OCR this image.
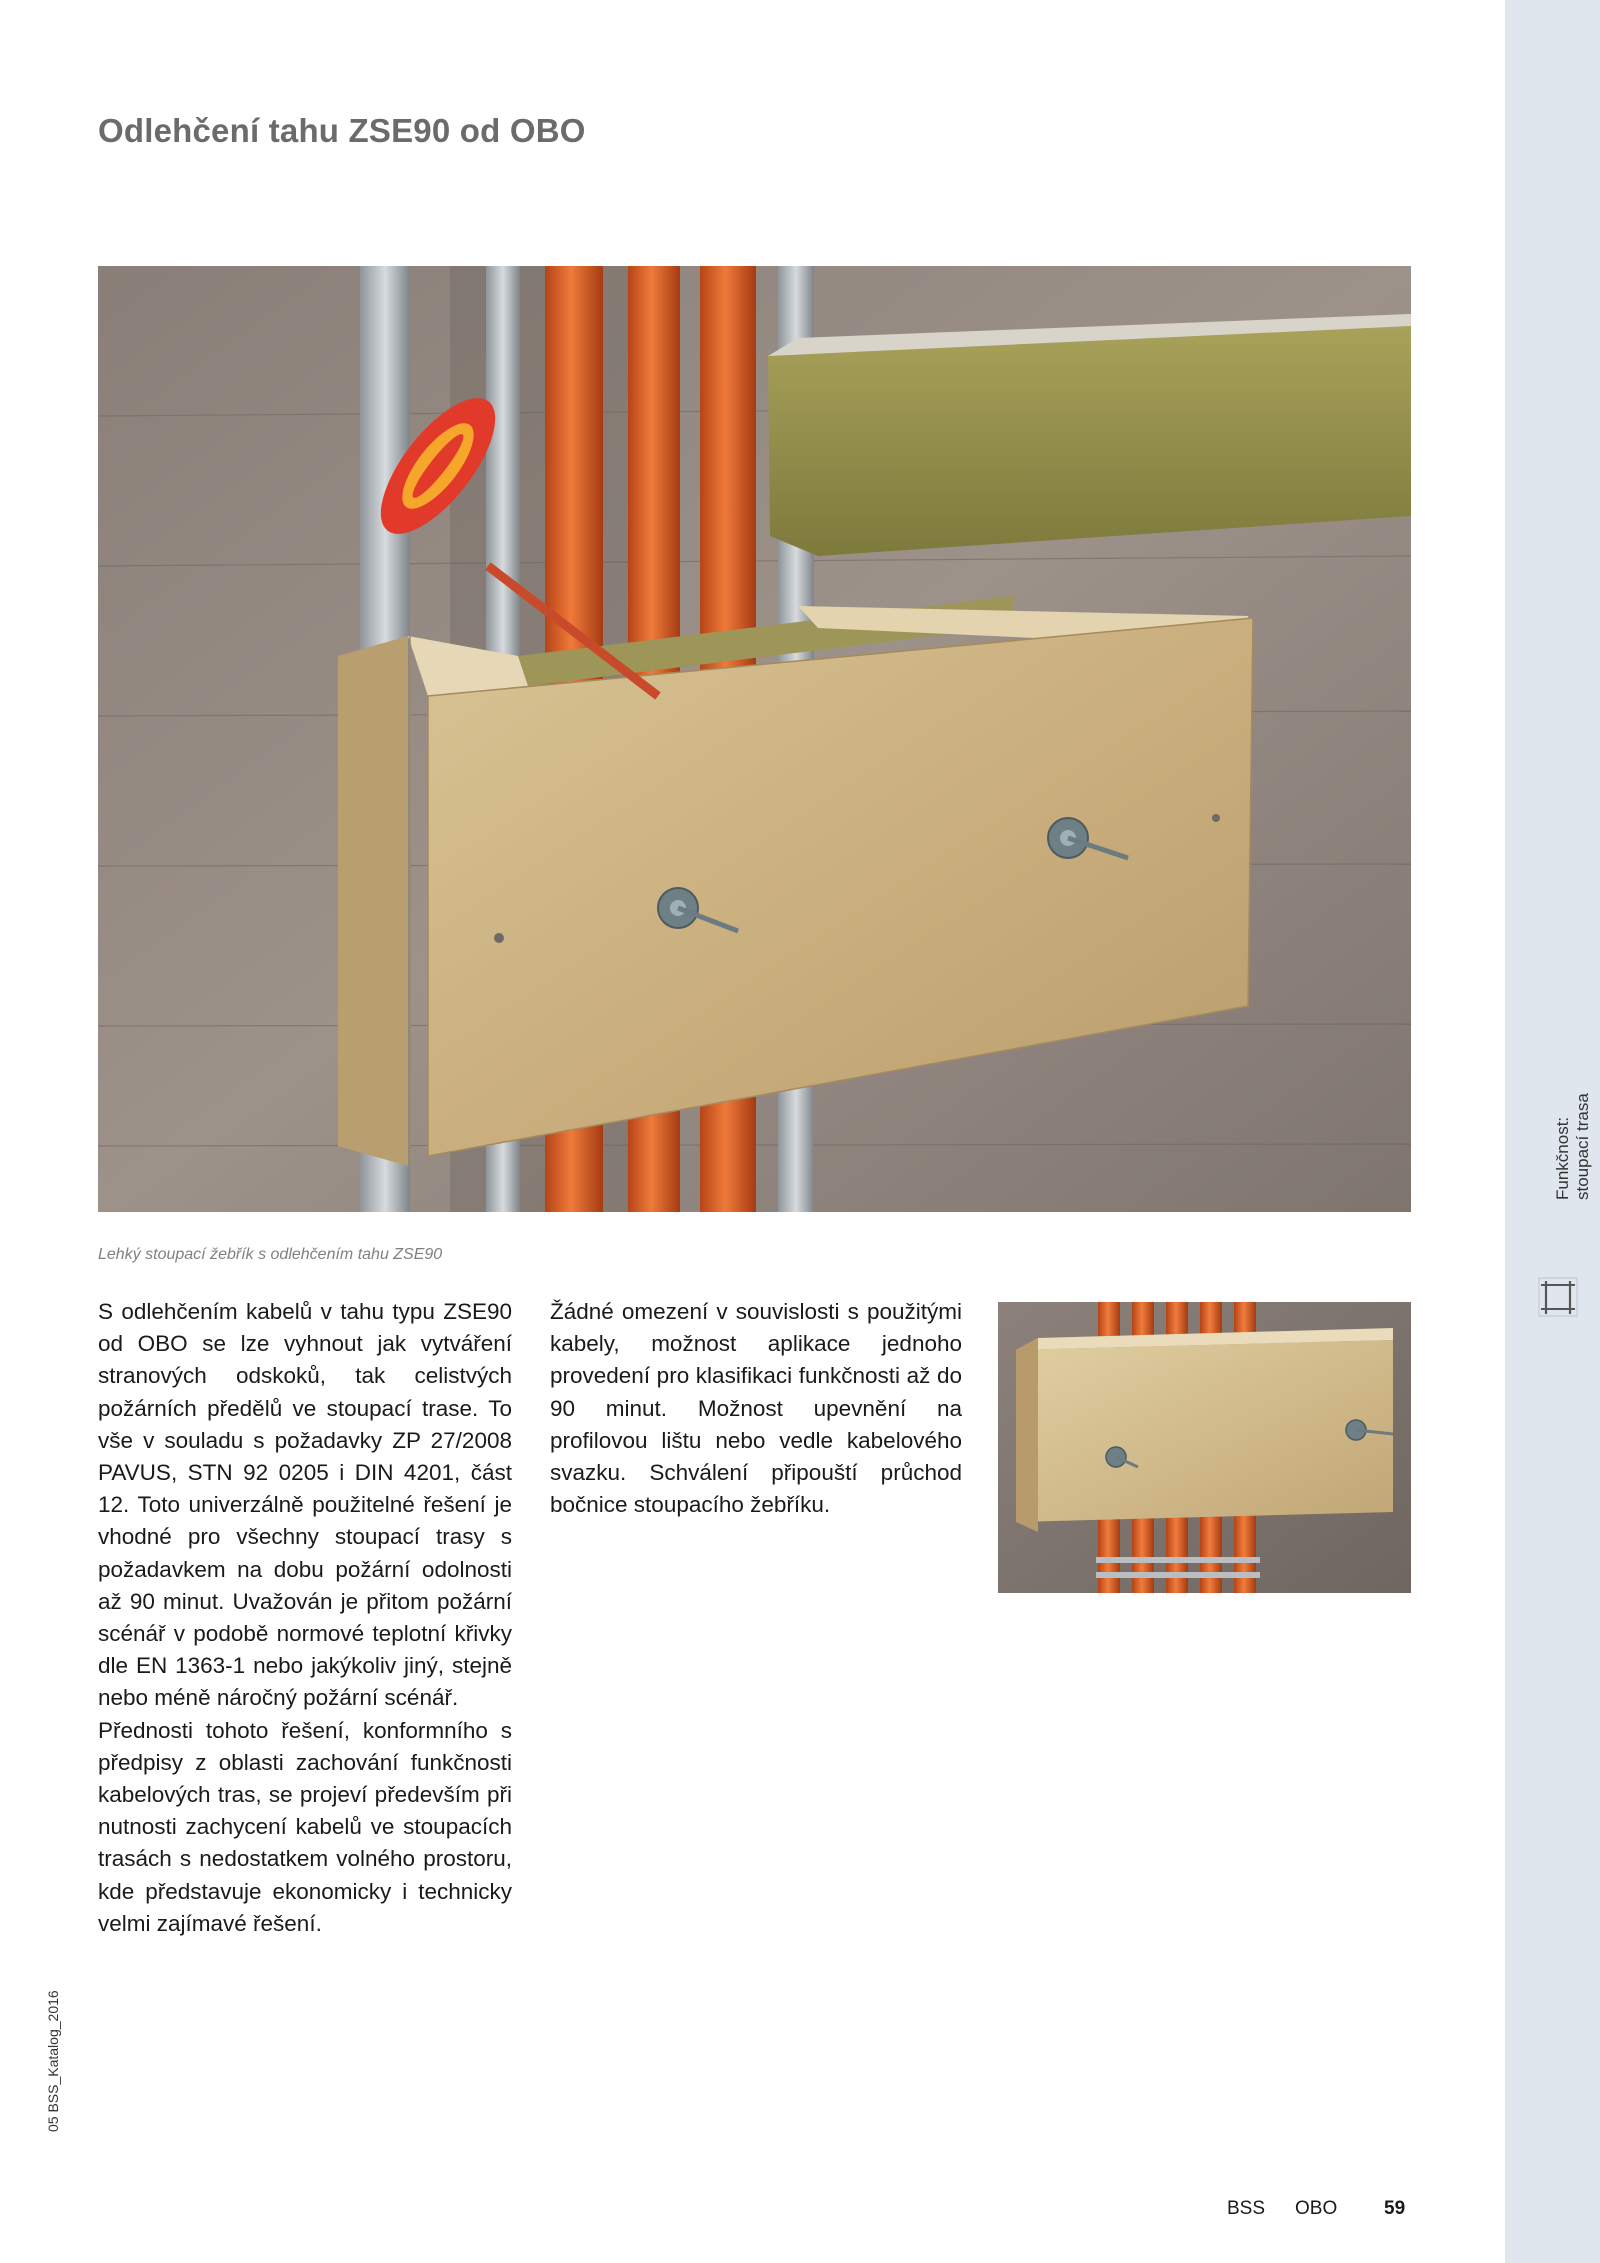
Funkčnost: stoupací trasa
Odlehčení tahu ZSE90 od OBO
Lehký stoupací žebřík s odlehčením tahu ZSE90

S odlehčením kabelů v tahu typu ZSE90 od OBO se lze vyhnout jak vytváření stranových odskoků, tak celistvých požárních předělů ve stoupací trase. To vše v souladu s požadavky ZP 27/2008 PAVUS, STN 92 0205 i DIN 4201, část 12. Toto univerzálně použitelné řešení je vhodné pro všechny stoupací trasy s požadavkem na dobu požární odolnosti až 90 minut. Uvažován je přitom požární scénář v podobě normové teplotní křivky dle EN 1363-1 nebo jakýkoliv jiný, stejně nebo méně náročný požární scénář.

Přednosti tohoto řešení, konformního s předpisy z oblasti zachování funkčnosti kabelových tras, se projeví především při nutnosti zachycení kabelů ve stoupacích trasách s nedostatkem volného prostoru, kde představuje ekonomicky i technicky velmi zajímavé řešení.

Žádné omezení v souvislosti s použitými kabely, možnost aplikace jednoho provedení pro klasifikaci funkčnosti až do 90 minut. Možnost upevnění na profilovou lištu nebo vedle kabelového svazku. Schválení připouští průchod bočnice stoupacího žebříku.

BSS OBO 59
05 BSS_Katalog_2016
